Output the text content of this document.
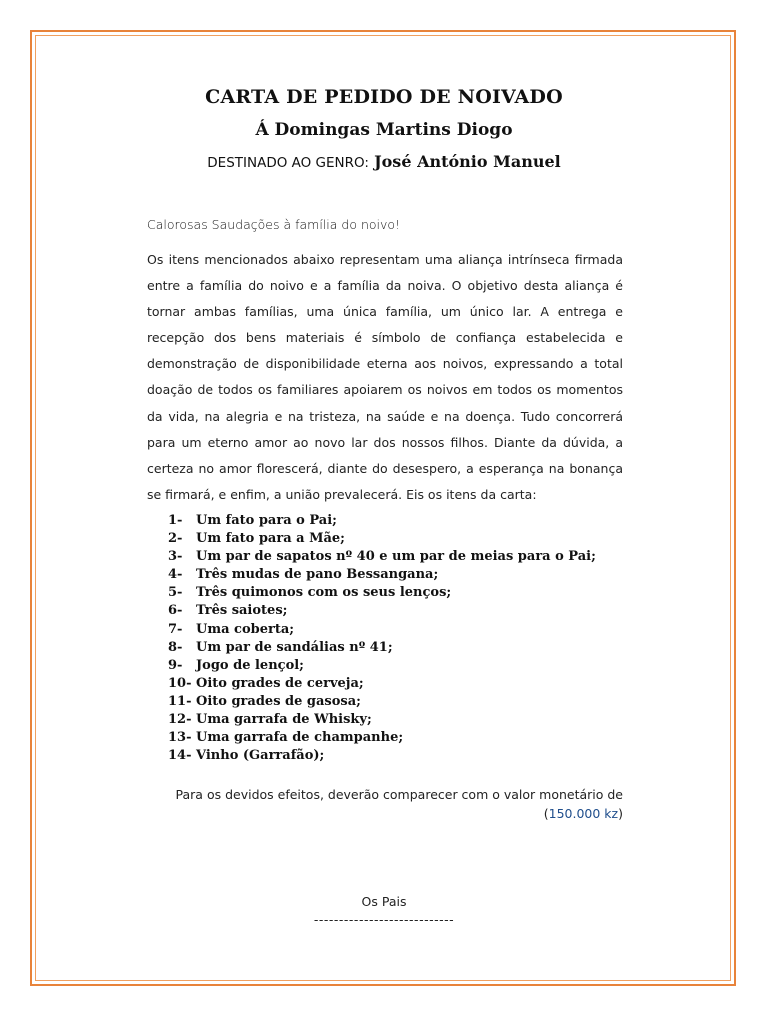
CARTA DE PEDIDO DE NOIVADO
Á Domingas Martins Diogo
DESTINADO AO GENRO: José António Manuel
Calorosas Saudações à família do noivo!
Os itens mencionados abaixo representam uma aliança intrínseca firmada entre a família do noivo e a família da noiva. O objetivo desta aliança é tornar ambas famílias, uma única família, um único lar. A entrega e recepção dos bens materiais é símbolo de confiança estabelecida e demonstração de disponibilidade eterna aos noivos, expressando a total doação de todos os familiares apoiarem os noivos em todos os momentos da vida, na alegria e na tristeza, na saúde e na doença. Tudo concorrerá para um eterno amor ao novo lar dos nossos filhos. Diante da dúvida, a certeza no amor florescerá, diante do desespero, a esperança na bonança se firmará, e enfim, a união prevalecerá. Eis os itens da carta:
1- Um fato para o Pai;
2- Um fato para a Mãe;
3- Um par de sapatos nº 40 e um par de meias para o Pai;
4- Três mudas de pano Bessangana;
5- Três quimonos com os seus lenços;
6- Três saiotes;
7- Uma coberta;
8- Um par de sandálias nº 41;
9- Jogo de lençol;
10- Oito grades de cerveja;
11- Oito grades de gasosa;
12- Uma garrafa de Whisky;
13- Uma garrafa de champanhe;
14- Vinho (Garrafão);
Para os devidos efeitos, deverão comparecer com o valor monetário de
(150.000 kz)
Os Pais
----------------------------
